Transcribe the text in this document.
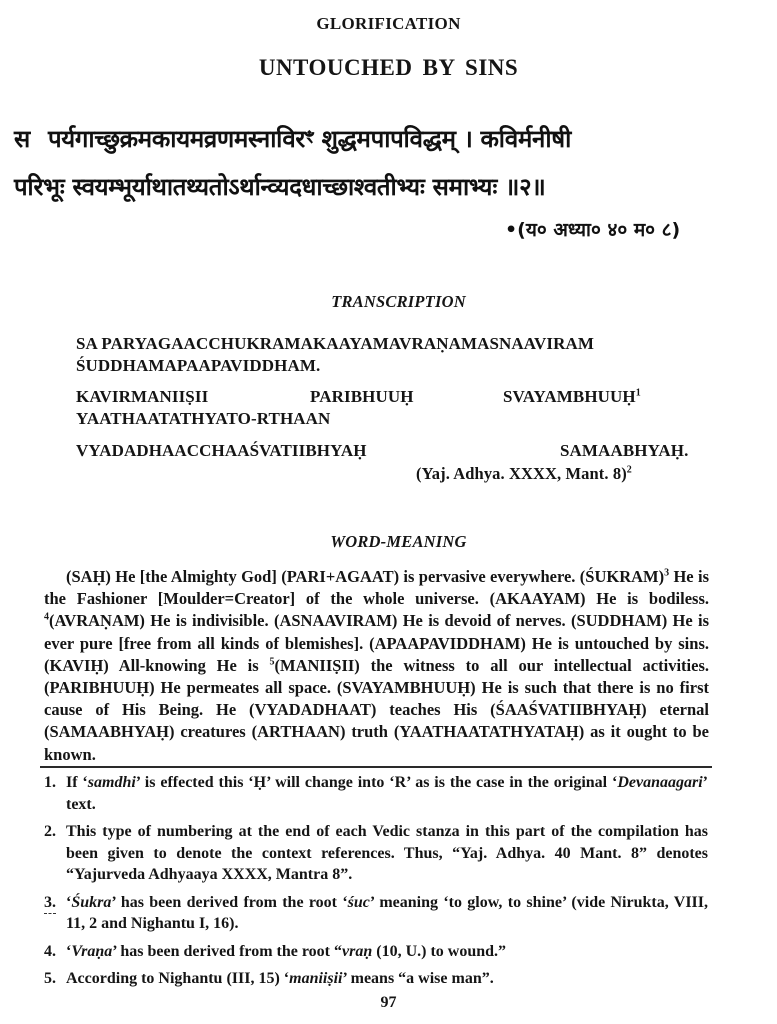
GLORIFICATION
UNTOUCHED BY SINS
स पर्यगाच्छुक्रमकायमव्रणमस्नाविरꣳ शुद्धमपापविद्धम् । कविर्मनीषी
परिभूः स्वयम्भूर्याथातथ्यतोऽर्थान्व्यदधाच्छाश्वतीभ्यः समाभ्यः ॥२॥
•(य० अध्या० ४० म० ८)
TRANSCRIPTION
SA PARYAGAACCHUKRAMAKAAYAMAVRAṆAMASNAAVIRAM
ŚUDDHAMAPAAPAVIDDHAM.
KAVIRMANIIṢII	PARIBHUUḤ	SVAYAMBHUUḤ$^1$
YAATHAATATHYATO-RTHAAN
VYADADHAACCHAAŚVATIIBHYAḤ	SAMAABHYAḤ.
(Yaj. Adhya. XXXX, Mant. 8)$^2$
WORD-MEANING

(SAḤ) He [the Almighty God] (PARI+AGAAT) is pervasive everywhere. (ŚUKRAM)$^3$ He is the Fashioner [Moulder=Creator] of the whole universe. (AKAAYAM) He is bodiless. $^4$(AVRAṆAM) He is indivisible. (ASNAAVIRAM) He is devoid of nerves. (SUDDHAM) He is ever pure [free from all kinds of blemishes]. (APAAPAVIDDHAM) He is untouched by sins. (KAVIḤ) All-knowing He is $^5$(MANIIṢII) the witness to all our intellectual activities. (PARIBHUUḤ) He permeates all space. (SVAYAMBHUUḤ) He is such that there is no first cause of His Being. He (VYADADHAAT) teaches His (ŚAAŚVATIIBHYAḤ) eternal (SAMAABHYAḤ) creatures (ARTHAAN) truth (YAATHAATATHYATAḤ) as it ought to be known.

1. If ‘samdhi’ is effected this ‘Ḥ’ will change into ‘R’ as is the case in the original ‘Devanaagari’ text.
2. This type of numbering at the end of each Vedic stanza in this part of the compilation has been given to denote the context references. Thus, “Yaj. Adhya. 40 Mant. 8” denotes “Yajurveda Adhyaaya XXXX, Mantra 8”.
3. ‘Śukra’ has been derived from the root ‘śuc’ meaning ‘to glow, to shine’ (vide Nirukta, VIII, 11, 2 and Nighantu I, 16).
4. ‘Vraṇa’ has been derived from the root “vraṇ (10, U.) to wound.”
5. According to Nighantu (III, 15) ‘maniiṣii’ means “a wise man”.
97
